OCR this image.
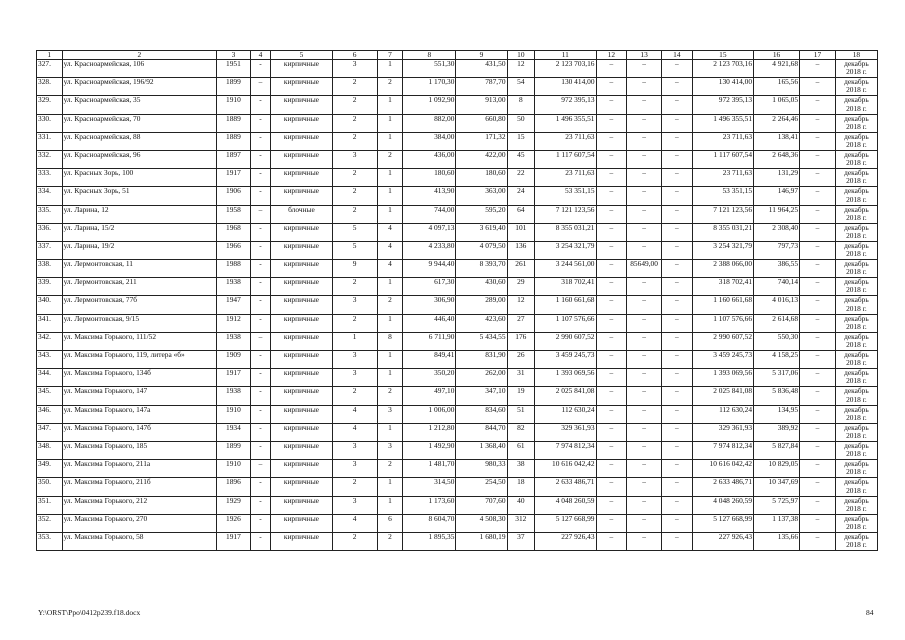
1	2	3	4	5	6	7	8	9	10	11	12	13	14	15	16	17	18
327.	ул. Красноармейская, 106	1951	-	кирпичные	3	1	551,30	431,50	12	2 123 703,16	–	–	–	2 123 703,16	4 921,68	–	декабрь 2018 г.
328.	ул. Красноармейская, 196/92	1899	–	кирпичные	2	2	1 170,30	787,70	54	130 414,00	–	–	–	130 414,00	165,56	–	декабрь 2018 г.
329.	ул. Красноармейская, 35	1910	-	кирпичные	2	1	1 092,90	913,00	8	972 395,13	–	–	–	972 395,13	1 065,05	–	декабрь 2018 г.
330.	ул. Красноармейская, 70	1889	-	кирпичные	2	1	882,00	660,80	50	1 496 355,51	–	–	–	1 496 355,51	2 264,46	–	декабрь 2018 г.
331.	ул. Красноармейская, 88	1889	-	кирпичные	2	1	384,00	171,32	15	23 711,63	–	–	–	23 711,63	138,41	–	декабрь 2018 г.
332.	ул. Красноармейская, 96	1897	-	кирпичные	3	2	436,00	422,00	45	1 117 607,54	–	–	–	1 117 607,54	2 648,36	–	декабрь 2018 г.
333.	ул. Красных Зорь, 100	1917	-	кирпичные	2	1	180,60	180,60	22	23 711,63	–	–	–	23 711,63	131,29	–	декабрь 2018 г.
334.	ул. Красных Зорь, 51	1906	-	кирпичные	2	1	413,90	363,00	24	53 351,15	–	–	–	53 351,15	146,97	–	декабрь 2018 г.
335.	ул. Ларина, 12	1958	–	блочные	2	1	744,00	595,20	64	7 121 123,56	–	–	–	7 121 123,56	11 964,25	–	декабрь 2018 г.
336.	ул. Ларина, 15/2	1968	-	кирпичные	5	4	4 097,13	3 619,40	101	8 355 031,21	–	–	–	8 355 031,21	2 308,40	–	декабрь 2018 г.
337.	ул. Ларина, 19/2	1966	-	кирпичные	5	4	4 233,80	4 079,50	136	3 254 321,79	–	–	–	3 254 321,79	797,73	–	декабрь 2018 г.
338.	ул. Лермонтовская, 11	1988	-	кирпичные	9	4	9 944,40	8 393,70	261	3 244 561,00	–	85649,00	–	2 388 066,00	386,55	–	декабрь 2018 г.
339.	ул. Лермонтовская, 211	1938	-	кирпичные	2	1	617,30	430,60	29	318 702,41	–	–	–	318 702,41	740,14	–	декабрь 2018 г.
340.	ул. Лермонтовская, 77б	1947	-	кирпичные	3	2	306,90	289,00	12	1 160 661,68	–	–	–	1 160 661,68	4 016,13	–	декабрь 2018 г.
341.	ул. Лермонтовская, 9/15	1912	-	кирпичные	2	1	446,40	423,60	27	1 107 576,66	–	–	–	1 107 576,66	2 614,68	–	декабрь 2018 г.
342.	ул. Максима Горького, 111/52	1938	–	кирпичные	1	8	6 711,90	5 434,55	176	2 990 607,52	–	–	–	2 990 607,52	550,30	–	декабрь 2018 г.
343.	ул. Максима Горького, 119, литера «б»	1909	-	кирпичные	3	1	849,41	831,90	26	3 459 245,73	–	–	–	3 459 245,73	4 158,25	–	декабрь 2018 г.
344.	ул. Максима Горького, 134б	1917	-	кирпичные	3	1	350,20	262,00	31	1 393 069,56	–	–	–	1 393 069,56	5 317,06	–	декабрь 2018 г.
345.	ул. Максима Горького, 147	1938	-	кирпичные	2	2	497,10	347,10	19	2 025 841,08	–	–	–	2 025 841,08	5 836,48	–	декабрь 2018 г.
346.	ул. Максима Горького, 147а	1910	-	кирпичные	4	3	1 006,00	834,60	51	112 630,24	–	–	–	112 630,24	134,95	–	декабрь 2018 г.
347.	ул. Максима Горького, 147б	1934	-	кирпичные	4	1	1 212,80	844,70	82	329 361,93	–	–	–	329 361,93	389,92	–	декабрь 2018 г.
348.	ул. Максима Горького, 185	1899	-	кирпичные	3	3	1 492,90	1 368,40	61	7 974 812,34	–	–	–	7 974 812,34	5 827,84	–	декабрь 2018 г.
349.	ул. Максима Горького, 211а	1910	–	кирпичные	3	2	1 481,70	980,33	38	10 616 042,42	–	–	–	10 616 042,42	10 829,05	–	декабрь 2018 г.
350.	ул. Максима Горького, 211б	1896	-	кирпичные	2	1	314,50	254,50	18	2 633 486,71	–	–	–	2 633 486,71	10 347,69	–	декабрь 2018 г.
351.	ул. Максима Горького, 212	1929	-	кирпичные	3	1	1 173,60	707,60	40	4 048 260,59	–	–	–	4 048 260,59	5 725,97	–	декабрь 2018 г.
352.	ул. Максима Горького, 270	1926	-	кирпичные	4	6	8 604,70	4 508,30	312	5 127 668,99	–	–	–	5 127 668,99	1 137,38	–	декабрь 2018 г.
353.	ул. Максима Горького, 58	1917	-	кирпичные	2	2	1 895,35	1 680,19	37	227 926,43	–	–	–	227 926,43	135,66	–	декабрь 2018 г.
Y:\ORST\Ppo\0412p239.f18.docx	84
